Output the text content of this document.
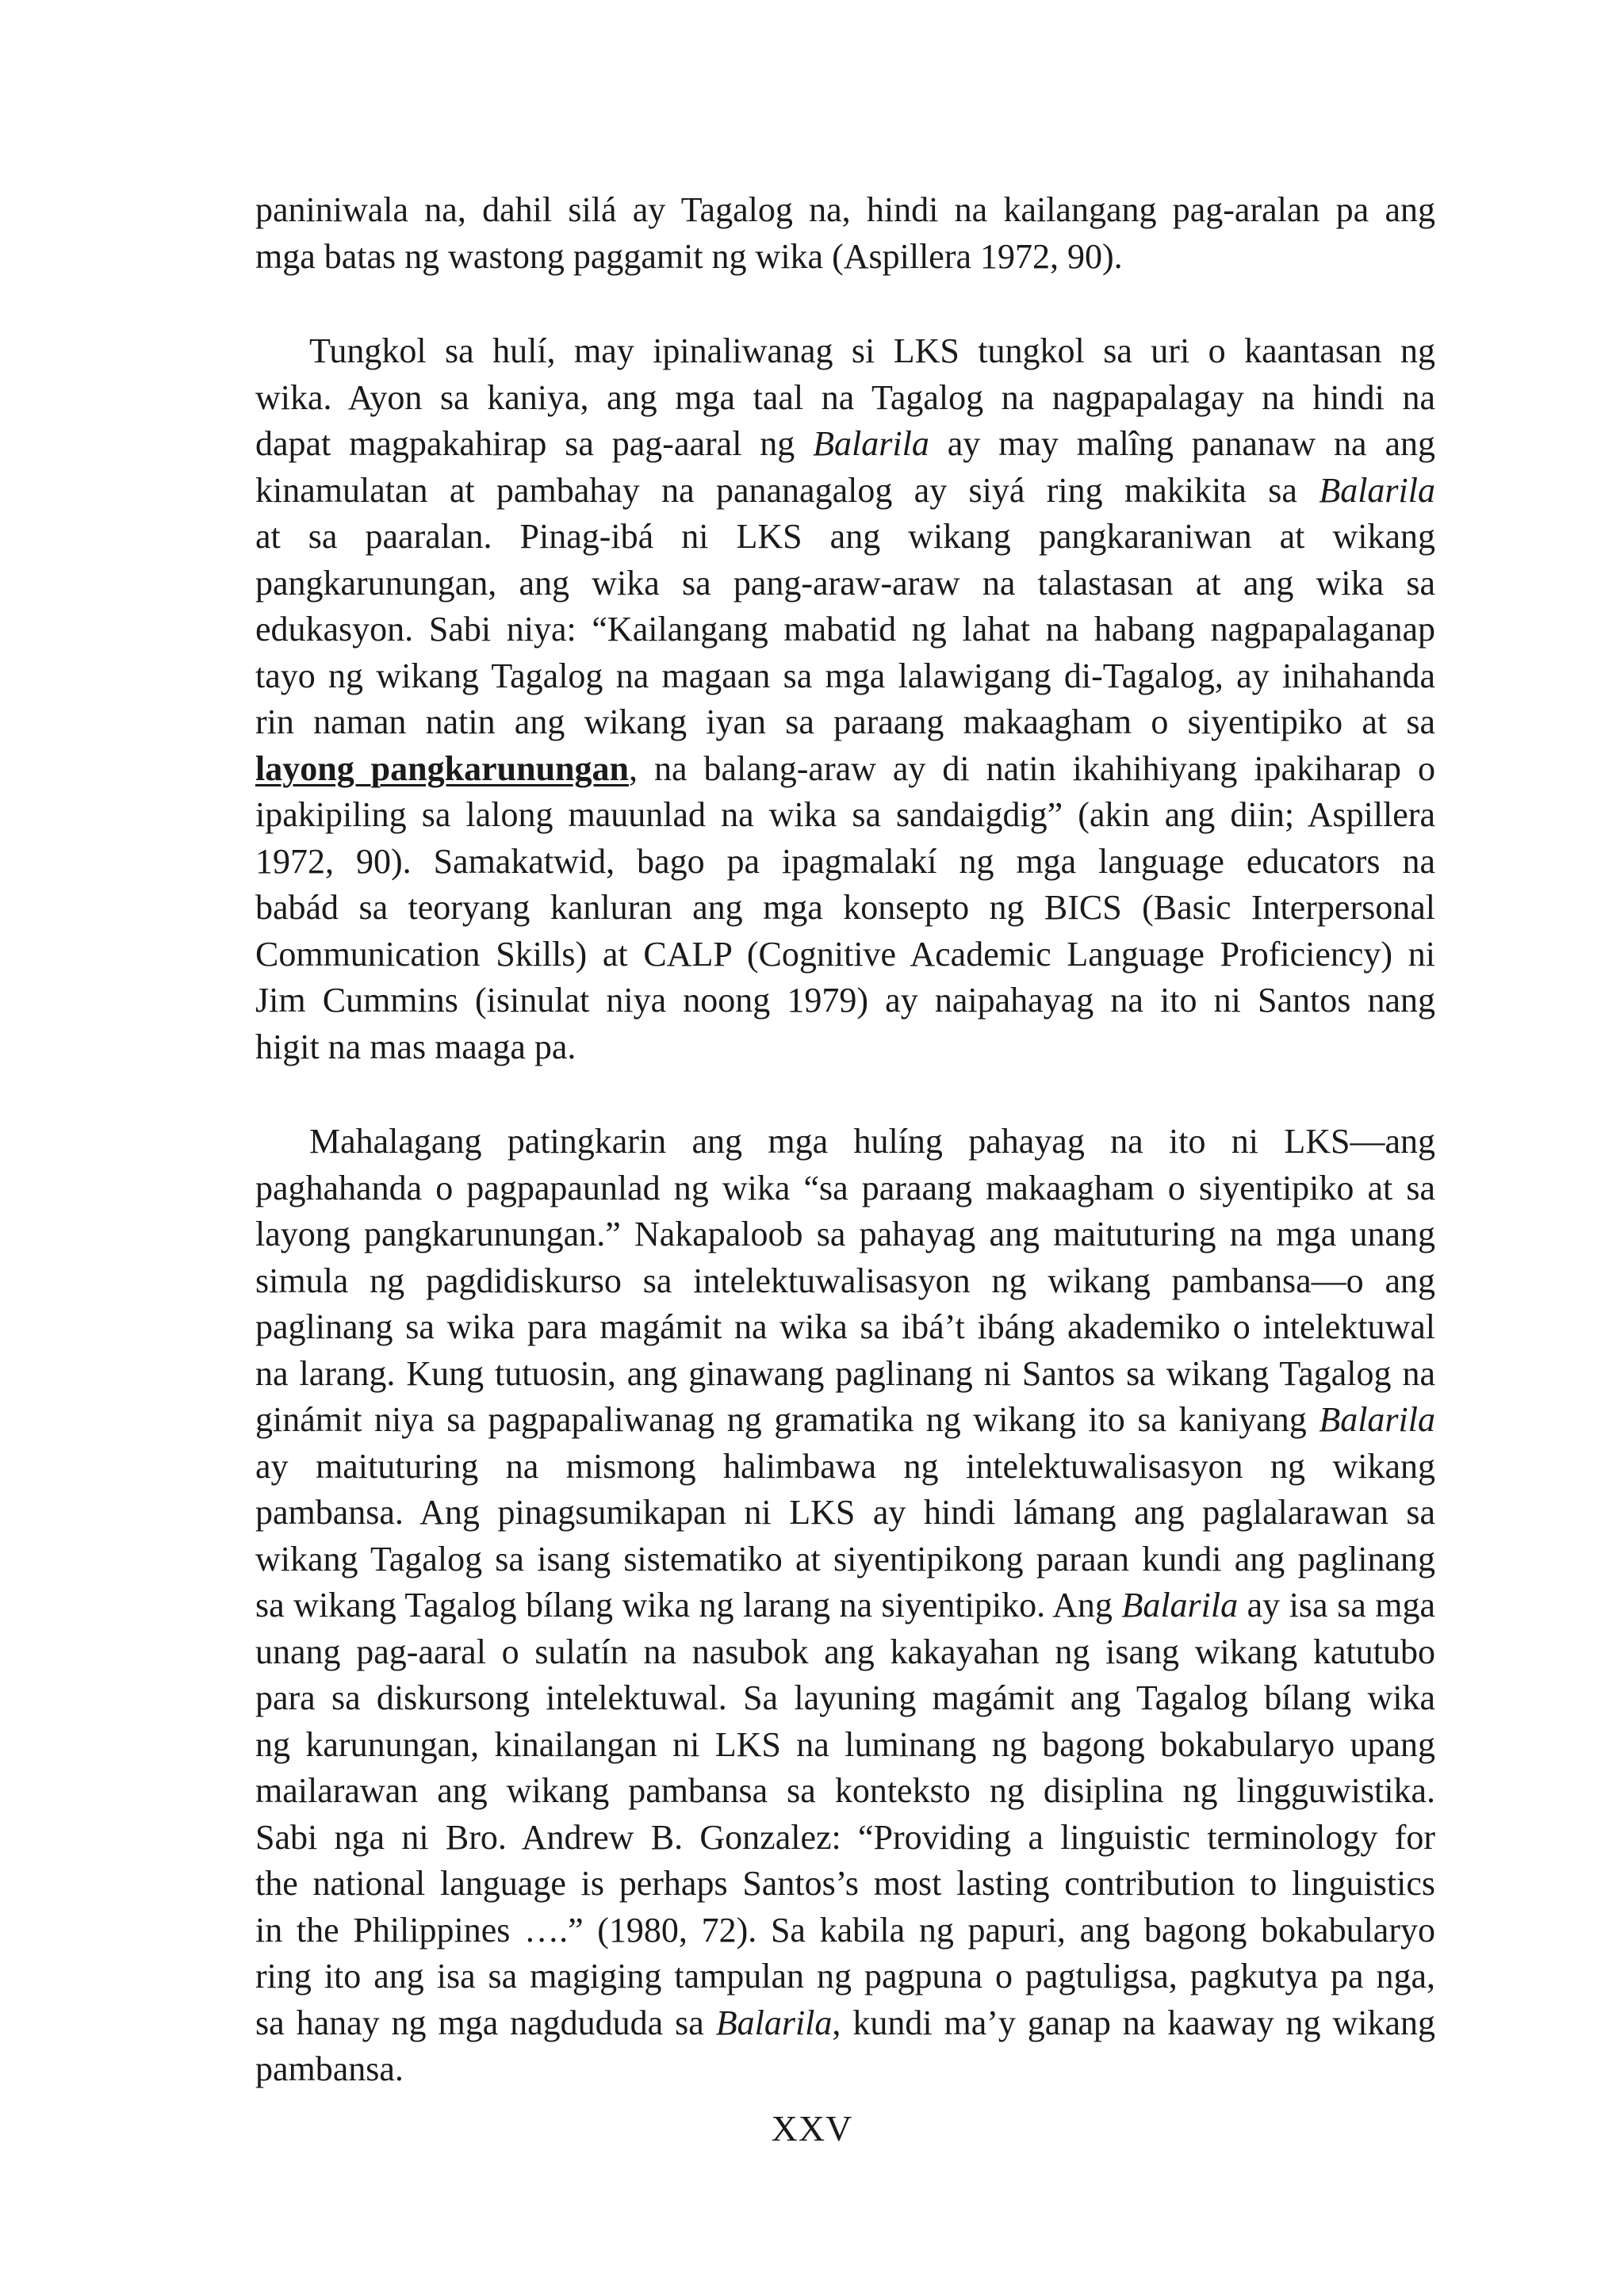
paniniwala na, dahil silá ay Tagalog na, hindi na kailangang pag-aralan pa ang
mga batas ng wastong paggamit ng wika (Aspillera 1972, 90).
Tungkol sa hulí, may ipinaliwanag si LKS tungkol sa uri o kaantasan ng
wika. Ayon sa kaniya, ang mga taal na Tagalog na nagpapalagay na hindi na
dapat magpakahirap sa pag-aaral ng Balarila ay may malîng pananaw na ang
kinamulatan at pambahay na pananagalog ay siyá ring makikita sa Balarila
at sa paaralan. Pinag-ibá ni LKS ang wikang pangkaraniwan at wikang
pangkarunungan, ang wika sa pang-araw-araw na talastasan at ang wika sa
edukasyon. Sabi niya: “Kailangang mabatid ng lahat na habang nagpapalaganap
tayo ng wikang Tagalog na magaan sa mga lalawigang di-Tagalog, ay inihahanda
rin naman natin ang wikang iyan sa paraang makaagham o siyentipiko at sa
layong pangkarunungan, na balang-araw ay di natin ikahihiyang ipakiharap o
ipakipiling sa lalong mauunlad na wika sa sandaigdig” (akin ang diin; Aspillera
1972, 90). Samakatwid, bago pa ipagmalakí ng mga language educators na
babád sa teoryang kanluran ang mga konsepto ng BICS (Basic Interpersonal
Communication Skills) at CALP (Cognitive Academic Language Proficiency) ni
Jim Cummins (isinulat niya noong 1979) ay naipahayag na ito ni Santos nang
higit na mas maaga pa.
Mahalagang patingkarin ang mga hulíng pahayag na ito ni LKS—ang
paghahanda o pagpapaunlad ng wika “sa paraang makaagham o siyentipiko at sa
layong pangkarunungan.” Nakapaloob sa pahayag ang maituturing na mga unang
simula ng pagdidiskurso sa intelektuwalisasyon ng wikang pambansa—o ang
paglinang sa wika para magámit na wika sa ibá’t ibáng akademiko o intelektuwal
na larang. Kung tutuosin, ang ginawang paglinang ni Santos sa wikang Tagalog na
ginámit niya sa pagpapaliwanag ng gramatika ng wikang ito sa kaniyang Balarila
ay maituturing na mismong halimbawa ng intelektuwalisasyon ng wikang
pambansa. Ang pinagsumikapan ni LKS ay hindi lámang ang paglalarawan sa
wikang Tagalog sa isang sistematiko at siyentipikong paraan kundi ang paglinang
sa wikang Tagalog bílang wika ng larang na siyentipiko. Ang Balarila ay isa sa mga
unang pag-aaral o sulatín na nasubok ang kakayahan ng isang wikang katutubo
para sa diskursong intelektuwal. Sa layuning magámit ang Tagalog bílang wika
ng karunungan, kinailangan ni LKS na luminang ng bagong bokabularyo upang
mailarawan ang wikang pambansa sa konteksto ng disiplina ng lingguwistika.
Sabi nga ni Bro. Andrew B. Gonzalez: “Providing a linguistic terminology for
the national language is perhaps Santos’s most lasting contribution to linguistics
in the Philippines ….” (1980, 72). Sa kabila ng papuri, ang bagong bokabularyo
ring ito ang isa sa magiging tampulan ng pagpuna o pagtuligsa, pagkutya pa nga,
sa hanay ng mga nagdududa sa Balarila, kundi ma’y ganap na kaaway ng wikang
pambansa.
XXV
